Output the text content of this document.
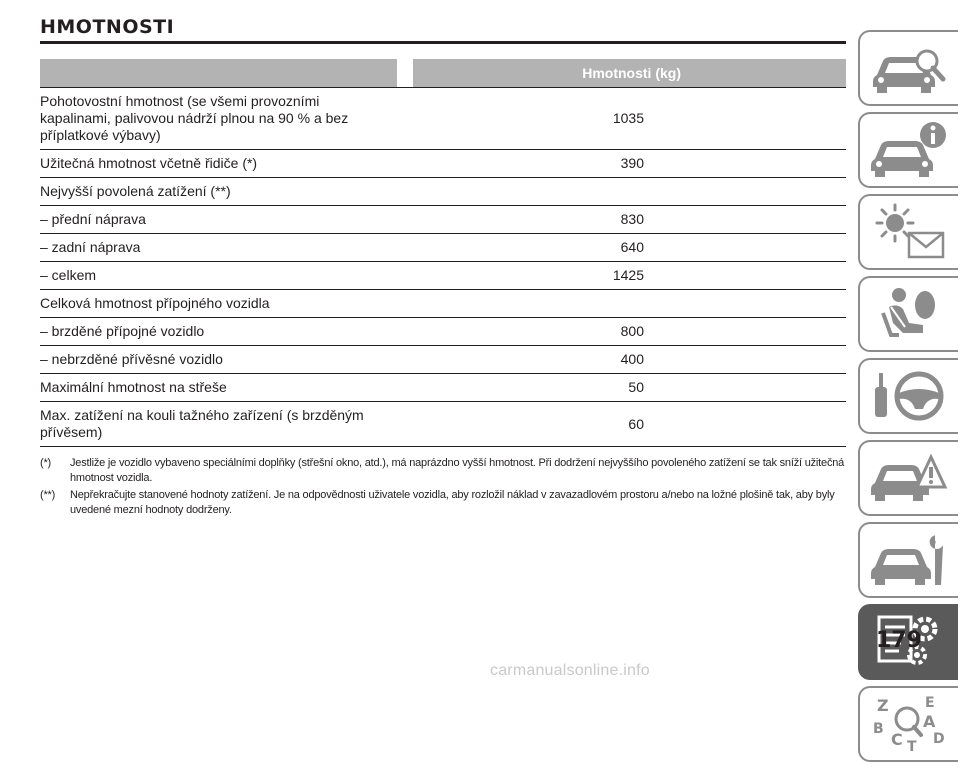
HMOTNOSTI
		Hmotnosti (kg)
Pohotovostní hmotnost (se všemi provozními kapalinami, palivovou nádrží plnou na 90 % a bez příplatkové výbavy)		1035
Užitečná hmotnost včetně řidiče (*)		390
Nejvyšší povolená zatížení (**)		
– přední náprava		830
– zadní náprava		640
– celkem		1425
Celková hmotnost přípojného vozidla		
– brzděné přípojné vozidlo		800
– nebrzděné přívěsné vozidlo		400
Maximální hmotnost na střeše		50
Max. zatížení na kouli tažného zařízení (s brzděným přívěsem)		60
(*) Jestliže je vozidlo vybaveno speciálními doplňky (střešní okno, atd.), má naprázdno vyšší hmotnost. Při dodržení nejvyššího povoleného zatížení se tak sníží užitečná hmotnost vozidla.
(**) Nepřekračujte stanovené hodnoty zatížení. Je na odpovědnosti uživatele vozidla, aby rozložil náklad v zavazadlovém prostoru a/nebo na ložné plošině tak, aby byly uvedené mezní hodnoty dodrženy.
Z	E
A
B
D
C T
179
carmanualsonline.info
